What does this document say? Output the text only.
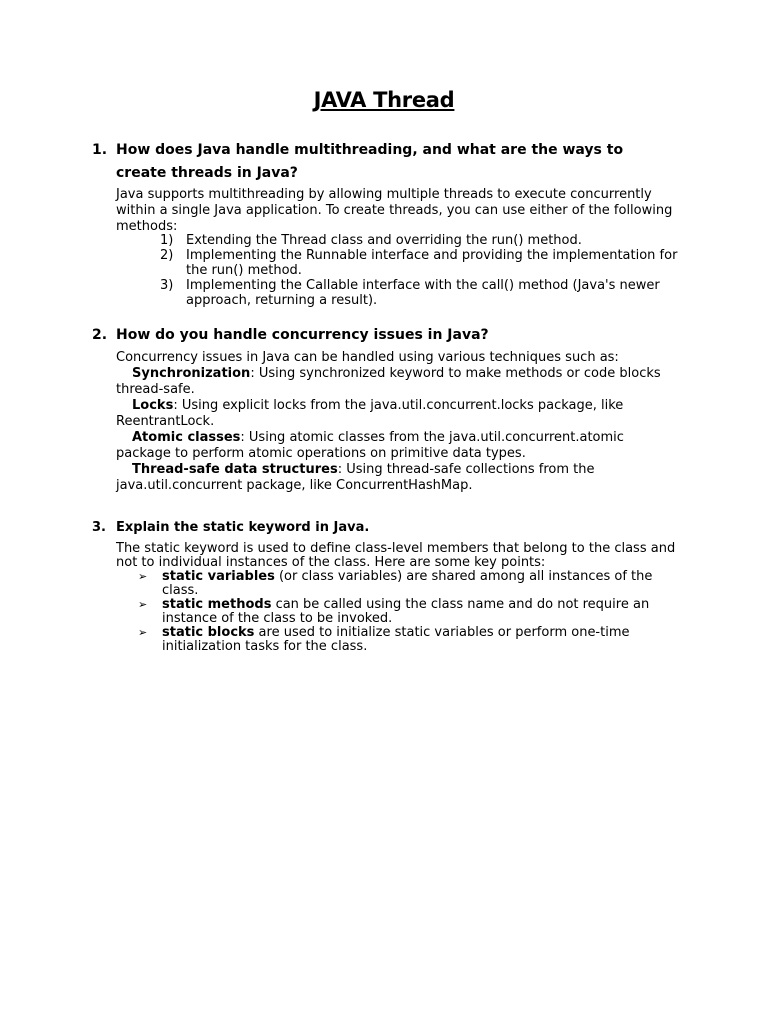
JAVA Thread
1. How does Java handle multithreading, and what are the ways to create threads in Java?
Java supports multithreading by allowing multiple threads to execute concurrently within a single Java application. To create threads, you can use either of the following methods:
1) Extending the Thread class and overriding the run() method.
2) Implementing the Runnable interface and providing the implementation for the run() method.
3) Implementing the Callable interface with the call() method (Java's newer approach, returning a result).
2. How do you handle concurrency issues in Java?
Concurrency issues in Java can be handled using various techniques such as:
Synchronization: Using synchronized keyword to make methods or code blocks thread-safe.
Locks: Using explicit locks from the java.util.concurrent.locks package, like ReentrantLock.
Atomic classes: Using atomic classes from the java.util.concurrent.atomic package to perform atomic operations on primitive data types.
Thread-safe data structures: Using thread-safe collections from the java.util.concurrent package, like ConcurrentHashMap.
3. Explain the static keyword in Java.
The static keyword is used to define class-level members that belong to the class and not to individual instances of the class. Here are some key points:
➢ static variables (or class variables) are shared among all instances of the class.
➢ static methods can be called using the class name and do not require an instance of the class to be invoked.
➢ static blocks are used to initialize static variables or perform one-time initialization tasks for the class.
